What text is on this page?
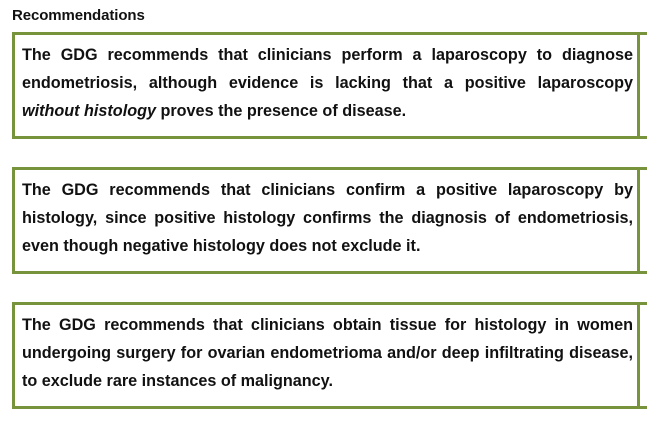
Recommendations
The GDG recommends that clinicians perform a laparoscopy to diagnose endometriosis, although evidence is lacking that a positive laparoscopy without histology proves the presence of disease.
The GDG recommends that clinicians confirm a positive laparoscopy by histology, since positive histology confirms the diagnosis of endometriosis, even though negative histology does not exclude it.
The GDG recommends that clinicians obtain tissue for histology in women undergoing surgery for ovarian endometrioma and/or deep infiltrating disease, to exclude rare instances of malignancy.
